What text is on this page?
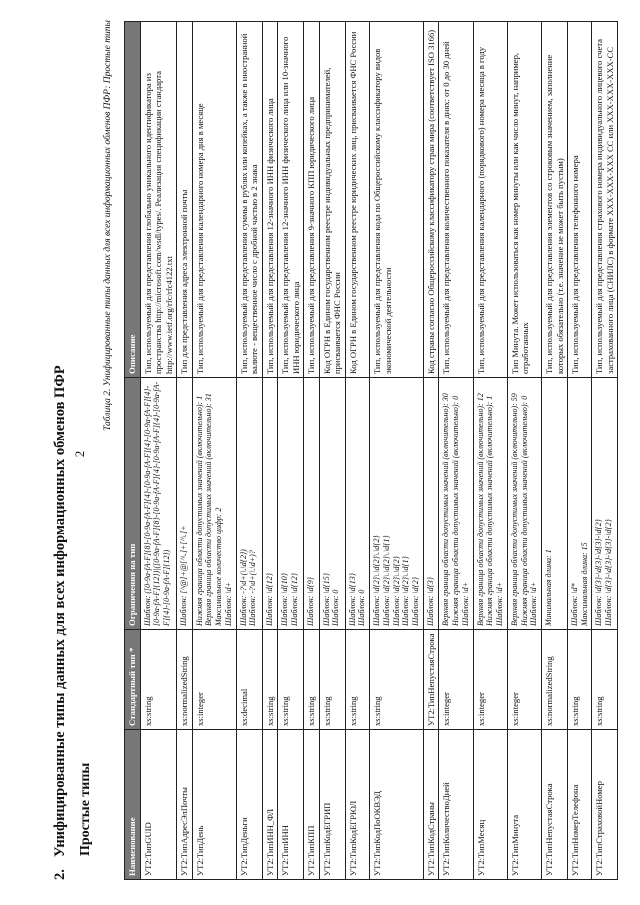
2
2.Унифицированные типы данных для всех информационных обменов ПФР Простые типы
Таблица 2. Унифицированные типы данных для всех информационных обменов ПФР: Простые типы
Наименование	Стандартный тип *	Ограничения на тип	Описание
УТ2:ТипGUID	xs:string	Шаблон: ([0-9a-fA-F]{8}-[0-9a-fA-F]{4}-[0-9a-fA-F]{4}-[0-9a-fA-F]{4}-[0-9a-fA-F]{12})|([0-9a-fA-F]{8}-[0-9a-fA-F]{4}-[0-9a-fA-F]{4}-[0-9a-fA-F]{4}-[0-9a-fA-F]{12})	Тип, используемый для представления глобально уникального идентификатора из пространства http://microsoft.com/wsdl/types/. Реализация спецификации стандарта http://www.ietf.org/rfc/rfc4122.txt
УТ2:ТипАдресЭлПочты	xs:normalizedString	Шаблон: [^@]+@[^\.]+[^\.]+	Тип для представления адреса электронной почты
УТ2:ТипДень	xs:integer	Нижняя граница области допустимых значений (включительно): 1 Верхняя граница области допустимых значений (включительно): 31 Максимальное количество цифр: 2 Шаблон: \d+	Тип, используемый для представления календарного номера дня в месяце
УТ2:ТипДеньги	xs:decimal	Шаблон: -?\d+(\.\d{2}) Шаблон: -?\d+(\.\d+)?	Тип, используемый для представления суммы в рублях или копейках, а также в иностранной валюте - вещественное число с дробной частью в 2 знака
УТ2:ТипИНН_ФЛ	xs:string	Шаблон: \d{12}	Тип, используемый для представления 12-значного ИНН физического лица
УТ2:ТипИНН	xs:string	Шаблон: \d{10} Шаблон: \d{12}	Тип, используемый для представления 12-значного ИНН физического лица или 10-значного ИНН юридического лица
УТ2:ТипКПП	xs:string	Шаблон: \d{9}	Тип, используемый для представления 9-значного КПП юридического лица
УТ2:ТипКодЕГРИП	xs:string	Шаблон: \d{15} Шаблон: 0	Код ОГРН в Едином государственном реестре индивидуальных предпринимателей, присваивается ФНС России
УТ2:ТипКодЕГРЮЛ	xs:string	Шаблон: \d{13} Шаблон: 0	Код ОГРН в Едином государственном реестре юридических лиц, присваивается ФНС России
УТ2:ТипКодПоОКВЭД	xs:string	Шаблон: \d{2}\.\d{2}\.\d{2} Шаблон: \d{2}\.\d{2}\.\d{1} Шаблон: \d{2}\.\d{2} Шаблон: \d{2}\.\d{1} Шаблон: \d{2}	Тип, используемый для представления кода по Общероссийскому классификатору видов экономической деятельности
УТ2:ТипКодСтраны	УТ2:ТипНепустаяСтрока	Шаблон: \d{3}	Код страны согласно Общероссийскому классификатору стран мира (соответствует ISO 3166)
УТ2:ТипКоличествоДней	xs:integer	Верхняя граница области допустимых значений (включительно): 30 Нижняя граница области допустимых значений (включительно): 0 Шаблон: \d+	Тип, используемый для представления количественного показателя в днях: от 0 до 30 дней
УТ2:ТипМесяц	xs:integer	Верхняя граница области допустимых значений (включительно): 12 Нижняя граница области допустимых значений (включительно): 1 Шаблон: \d+	Тип, используемый для представления календарного (порядкового) номера месяца в году
УТ2:ТипМинута	xs:integer	Верхняя граница области допустимых значений (включительно): 59 Нижняя граница области допустимых значений (включительно): 0 Шаблон: \d+	Тип Минута. Может использоваться как номер минуты или как число минут, например, отработанных
УТ2:ТипНепустаяСтрока	xs:normalizedString	Минимальная длина: 1	Тип, используемый для представления элементов со строковым значением, заполнение которых обязательно (т.е. значение не может быть пустым)
УТ2:ТипНомерТелефона	xs:string	Шаблон: \d* Максимальная длина: 15	Тип, используемый для представления телефонного номера
УТ2:ТипСтраховойНомер	xs:string	Шаблон: \d{3}-\d{3}-\d{3}-\d{2} Шаблон: \d{3}-\d{3}-\d{3}-\d{2}	Тип, используемый для представления страхового номера индивидуального лицевого счета застрахованного лица (СНИЛС) в формате XXX-XXX-XXX CC или XXX-XXX-XXX-CC
